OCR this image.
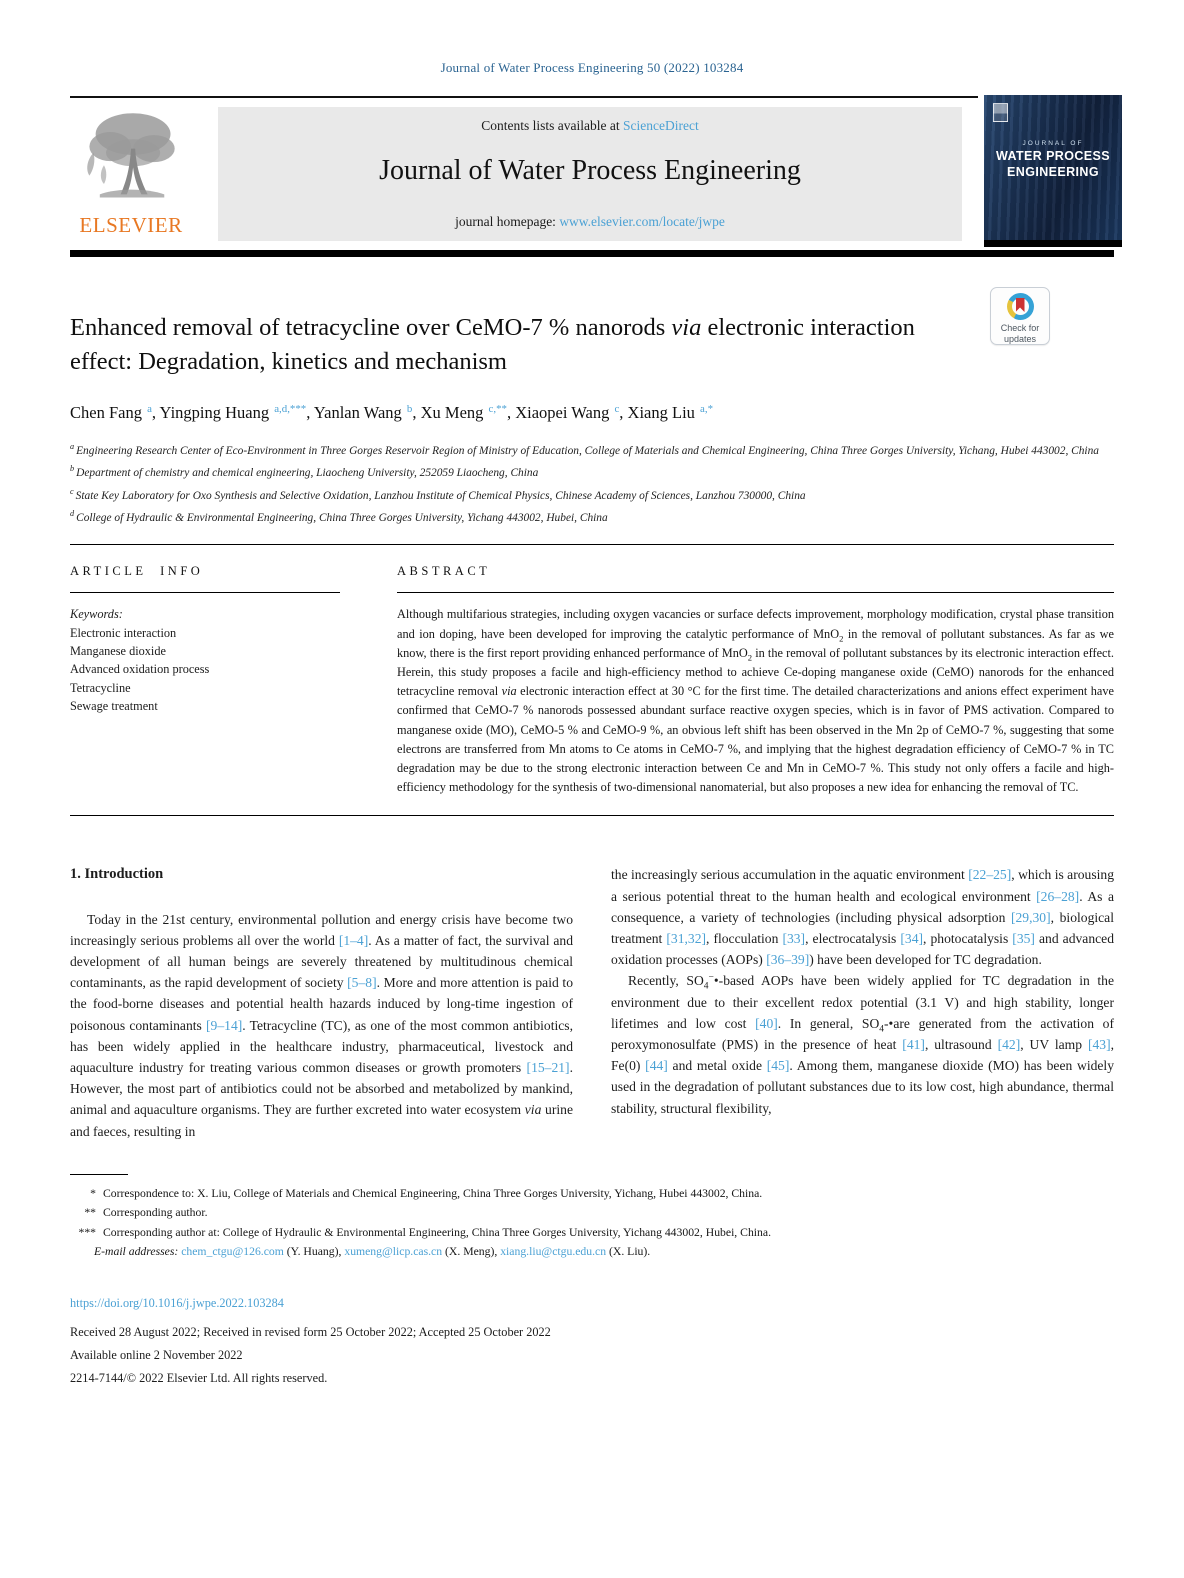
Journal of Water Process Engineering 50 (2022) 103284
ELSEVIER
Contents lists available at ScienceDirect
Journal of Water Process Engineering
journal homepage: www.elsevier.com/locate/jwpe
JOURNAL OF
WATER PROCESS
ENGINEERING
Enhanced removal of tetracycline over CeMO-7 % nanorods via electronic interaction effect: Degradation, kinetics and mechanism
Check for
updates
Chen Fang $^a$, Yingping Huang $^{a,d,***}$, Yanlan Wang $^b$, Xu Meng $^{c,**}$, Xiaopei Wang $^c$, Xiang Liu $^{a,*}$
$^a$ Engineering Research Center of Eco-Environment in Three Gorges Reservoir Region of Ministry of Education, College of Materials and Chemical Engineering, China Three Gorges University, Yichang, Hubei 443002, China
$^b$ Department of chemistry and chemical engineering, Liaocheng University, 252059 Liaocheng, China
$^c$ State Key Laboratory for Oxo Synthesis and Selective Oxidation, Lanzhou Institute of Chemical Physics, Chinese Academy of Sciences, Lanzhou 730000, China
$^d$ College of Hydraulic & Environmental Engineering, China Three Gorges University, Yichang 443002, Hubei, China
ARTICLE INFO
Keywords:
Electronic interaction
Manganese dioxide
Advanced oxidation process
Tetracycline
Sewage treatment
ABSTRACT

Although multifarious strategies, including oxygen vacancies or surface defects improvement, morphology modification, crystal phase transition and ion doping, have been developed for improving the catalytic performance of MnO$_2$ in the removal of pollutant substances. As far as we know, there is the first report providing enhanced performance of MnO$_2$ in the removal of pollutant substances by its electronic interaction effect. Herein, this study proposes a facile and high-efficiency method to achieve Ce-doping manganese oxide (CeMO) nanorods for the enhanced tetracycline removal via electronic interaction effect at 30 °C for the first time. The detailed characterizations and anions effect experiment have confirmed that CeMO-7 % nanorods possessed abundant surface reactive oxygen species, which is in favor of PMS activation. Compared to manganese oxide (MO), CeMO-5 % and CeMO-9 %, an obvious left shift has been observed in the Mn 2p of CeMO-7 %, suggesting that some electrons are transferred from Mn atoms to Ce atoms in CeMO-7 %, and implying that the highest degradation efficiency of CeMO-7 % in TC degradation may be due to the strong electronic interaction between Ce and Mn in CeMO-7 %. This study not only offers a facile and high-efficiency methodology for the synthesis of two-dimensional nanomaterial, but also proposes a new idea for enhancing the removal of TC.

1. Introduction

Today in the 21st century, environmental pollution and energy crisis have become two increasingly serious problems all over the world [1–4]. As a matter of fact, the survival and development of all human beings are severely threatened by multitudinous chemical contaminants, as the rapid development of society [5–8]. More and more attention is paid to the food-borne diseases and potential health hazards induced by long-time ingestion of poisonous contaminants [9–14]. Tetracycline (TC), as one of the most common antibiotics, has been widely applied in the healthcare industry, pharmaceutical, livestock and aquaculture industry for treating various common diseases or growth promoters [15–21]. However, the most part of antibiotics could not be absorbed and metabolized by mankind, animal and aquaculture organisms. They are further excreted into water ecosystem via urine and faeces, resulting in

the increasingly serious accumulation in the aquatic environment [22–25], which is arousing a serious potential threat to the human health and ecological environment [26–28]. As a consequence, a variety of technologies (including physical adsorption [29,30], biological treatment [31,32], flocculation [33], electrocatalysis [34], photocatalysis [35] and advanced oxidation processes (AOPs) [36–39]) have been developed for TC degradation.

Recently, $SO_4^-•$-based AOPs have been widely applied for TC degradation in the environment due to their excellent redox potential (3.1 V) and high stability, longer lifetimes and low cost [40]. In general, $SO_4-•are$ generated from the activation of peroxymonosulfate (PMS) in the presence of heat [41], ultrasound [42], UV lamp [43], Fe(0) [44] and metal oxide [45]. Among them, manganese dioxide (MO) has been widely used in the degradation of pollutant substances due to its low cost, high abundance, thermal stability, structural flexibility,

* Correspondence to: X. Liu, College of Materials and Chemical Engineering, China Three Gorges University, Yichang, Hubei 443002, China.
** Corresponding author.
*** Corresponding author at: College of Hydraulic & Environmental Engineering, China Three Gorges University, Yichang 443002, Hubei, China.
E-mail addresses: chem_ctgu@126.com (Y. Huang), xumeng@licp.cas.cn (X. Meng), xiang.liu@ctgu.edu.cn (X. Liu).
https://doi.org/10.1016/j.jwpe.2022.103284
Received 28 August 2022; Received in revised form 25 October 2022; Accepted 25 October 2022
Available online 2 November 2022
2214-7144/© 2022 Elsevier Ltd. All rights reserved.
